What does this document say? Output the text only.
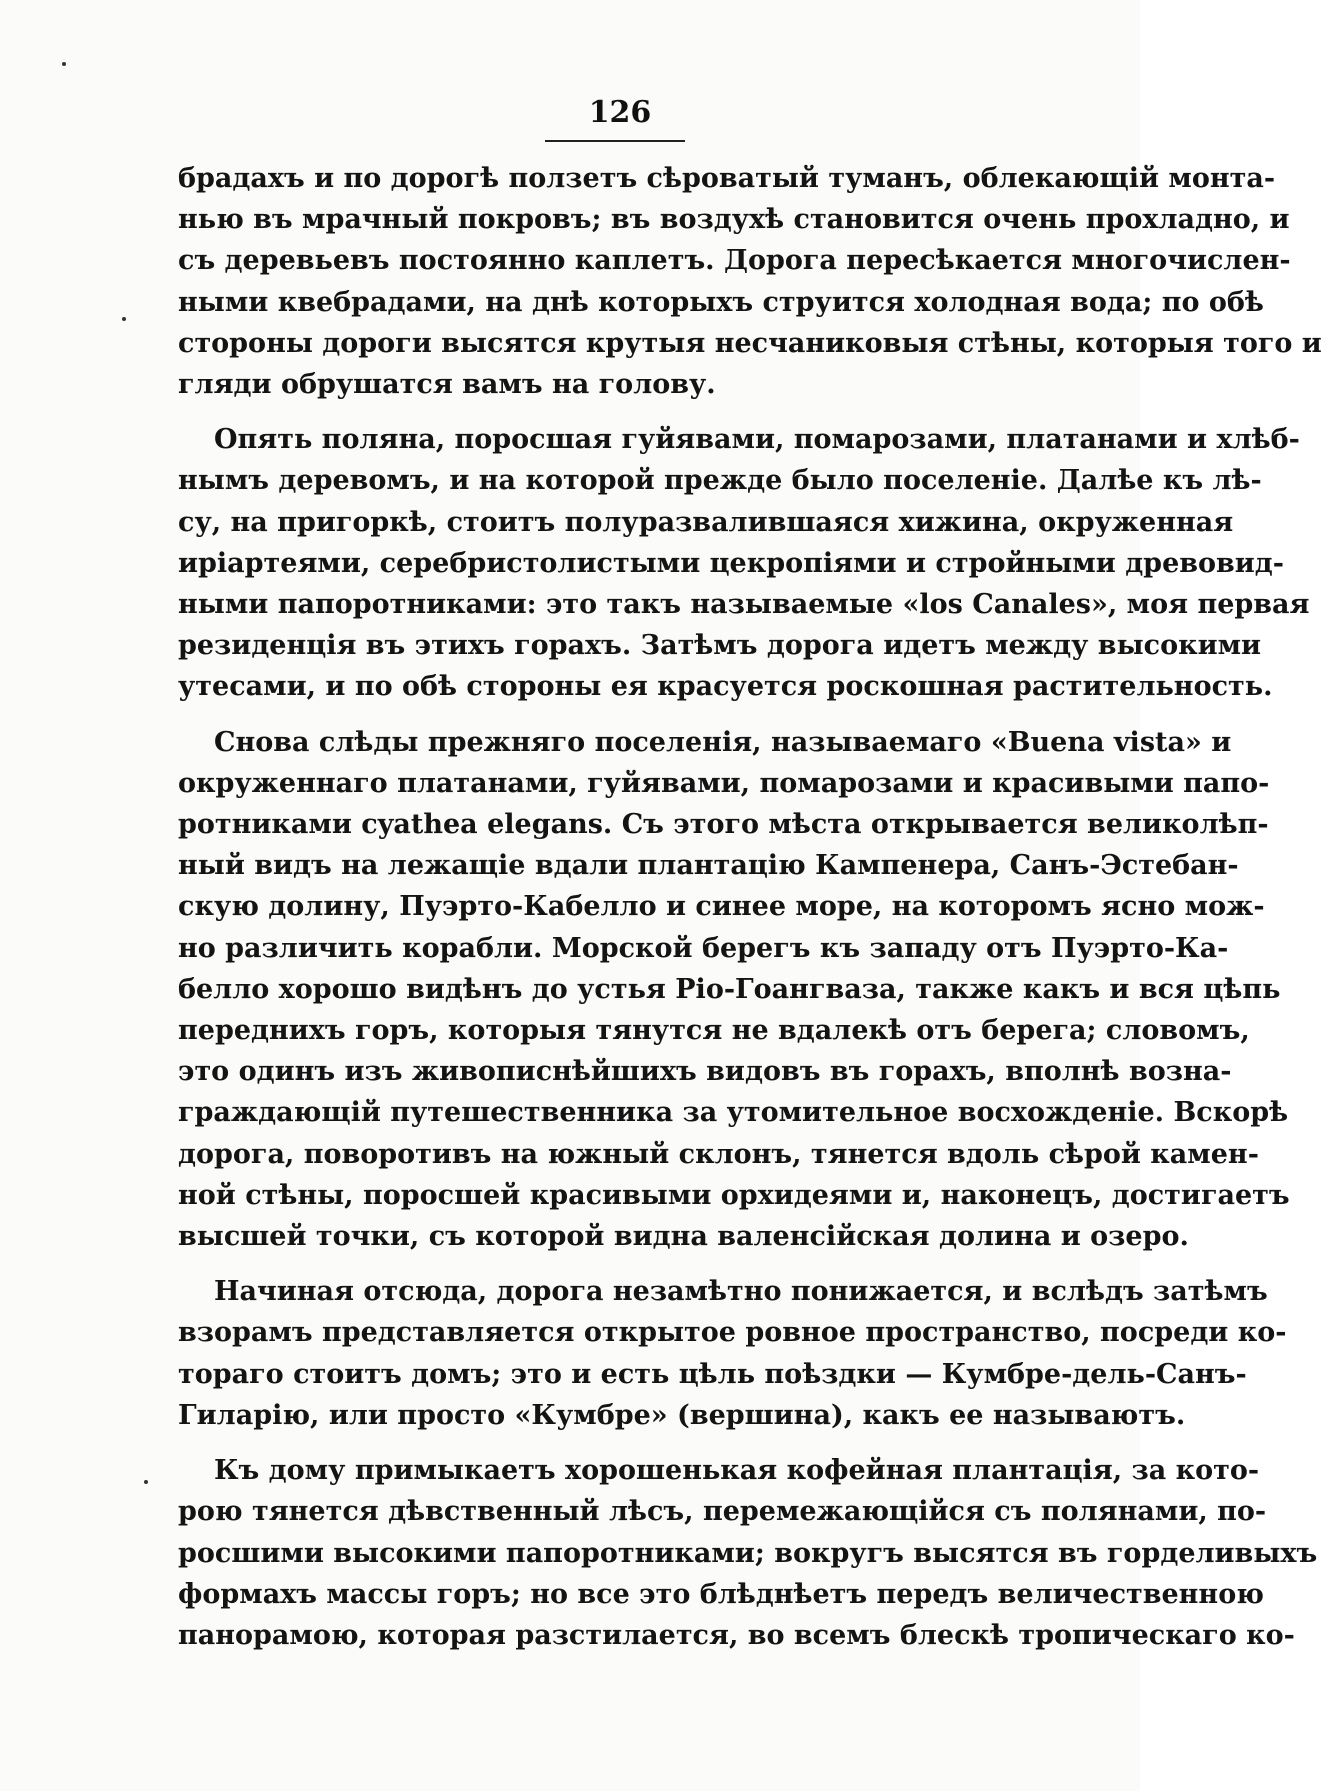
126
брадахъ и по дорогѣ ползетъ сѣроватый туманъ, облекающій монта-
нью въ мрачный покровъ; въ воздухѣ становится очень прохладно, и
съ деревьевъ постоянно каплетъ. Дорога пересѣкается многочислен-
ными квебрадами, на днѣ которыхъ струится холодная вода; по обѣ
стороны дороги высятся крутыя несчаниковыя стѣны, которыя того и
гляди обрушатся вамъ на голову.
Опять поляна, поросшая гуйявами, помарозами, платанами и хлѣб-
нымъ деревомъ, и на которой прежде было поселеніе. Далѣе къ лѣ-
су, на пригоркѣ, стоитъ полуразвалившаяся хижина, окруженная
иріартеями, серебристолистыми цекропіями и стройными древовид-
ными папоротниками: это такъ называемые «los Canales», моя первая
резиденція въ этихъ горахъ. Затѣмъ дорога идетъ между высокими
утесами, и по обѣ стороны ея красуется роскошная растительность.
Снова слѣды прежняго поселенія, называемаго «Buena vista» и
окруженнаго платанами, гуйявами, помарозами и красивыми папо-
ротниками cyathea elegans. Съ этого мѣста открывается великолѣп-
ный видъ на лежащіе вдали плантацію Кампенера, Санъ-Эстебан-
скую долину, Пуэрто-Кабелло и синее море, на которомъ ясно мож-
но различить корабли. Морской берегъ къ западу отъ Пуэрто-Ка-
белло хорошо видѣнъ до устья Ріо-Гоангваза, также какъ и вся цѣпь
переднихъ горъ, которыя тянутся не вдалекѣ отъ берега; словомъ,
это одинъ изъ живописнѣйшихъ видовъ въ горахъ, вполнѣ возна-
граждающій путешественника за утомительное восхожденіе. Вскорѣ
дорога, поворотивъ на южный склонъ, тянется вдоль сѣрой камен-
ной стѣны, поросшей красивыми орхидеями и, наконецъ, достигаетъ
высшей точки, съ которой видна валенсійская долина и озеро.
Начиная отсюда, дорога незамѣтно понижается, и вслѣдъ затѣмъ
взорамъ представляется открытое ровное пространство, посреди ко-
тораго стоитъ домъ; это и есть цѣль поѣздки — Кумбре-дель-Санъ-
Гиларію, или просто «Кумбре» (вершина), какъ ее называютъ.
Къ дому примыкаетъ хорошенькая кофейная плантація, за кото-
рою тянется дѣвственный лѣсъ, перемежающійся съ полянами, по-
росшими высокими папоротниками; вокругъ высятся въ горделивыхъ
формахъ массы горъ; но все это блѣднѣетъ передъ величественною
панорамою, которая разстилается, во всемъ блескѣ тропическаго ко-
